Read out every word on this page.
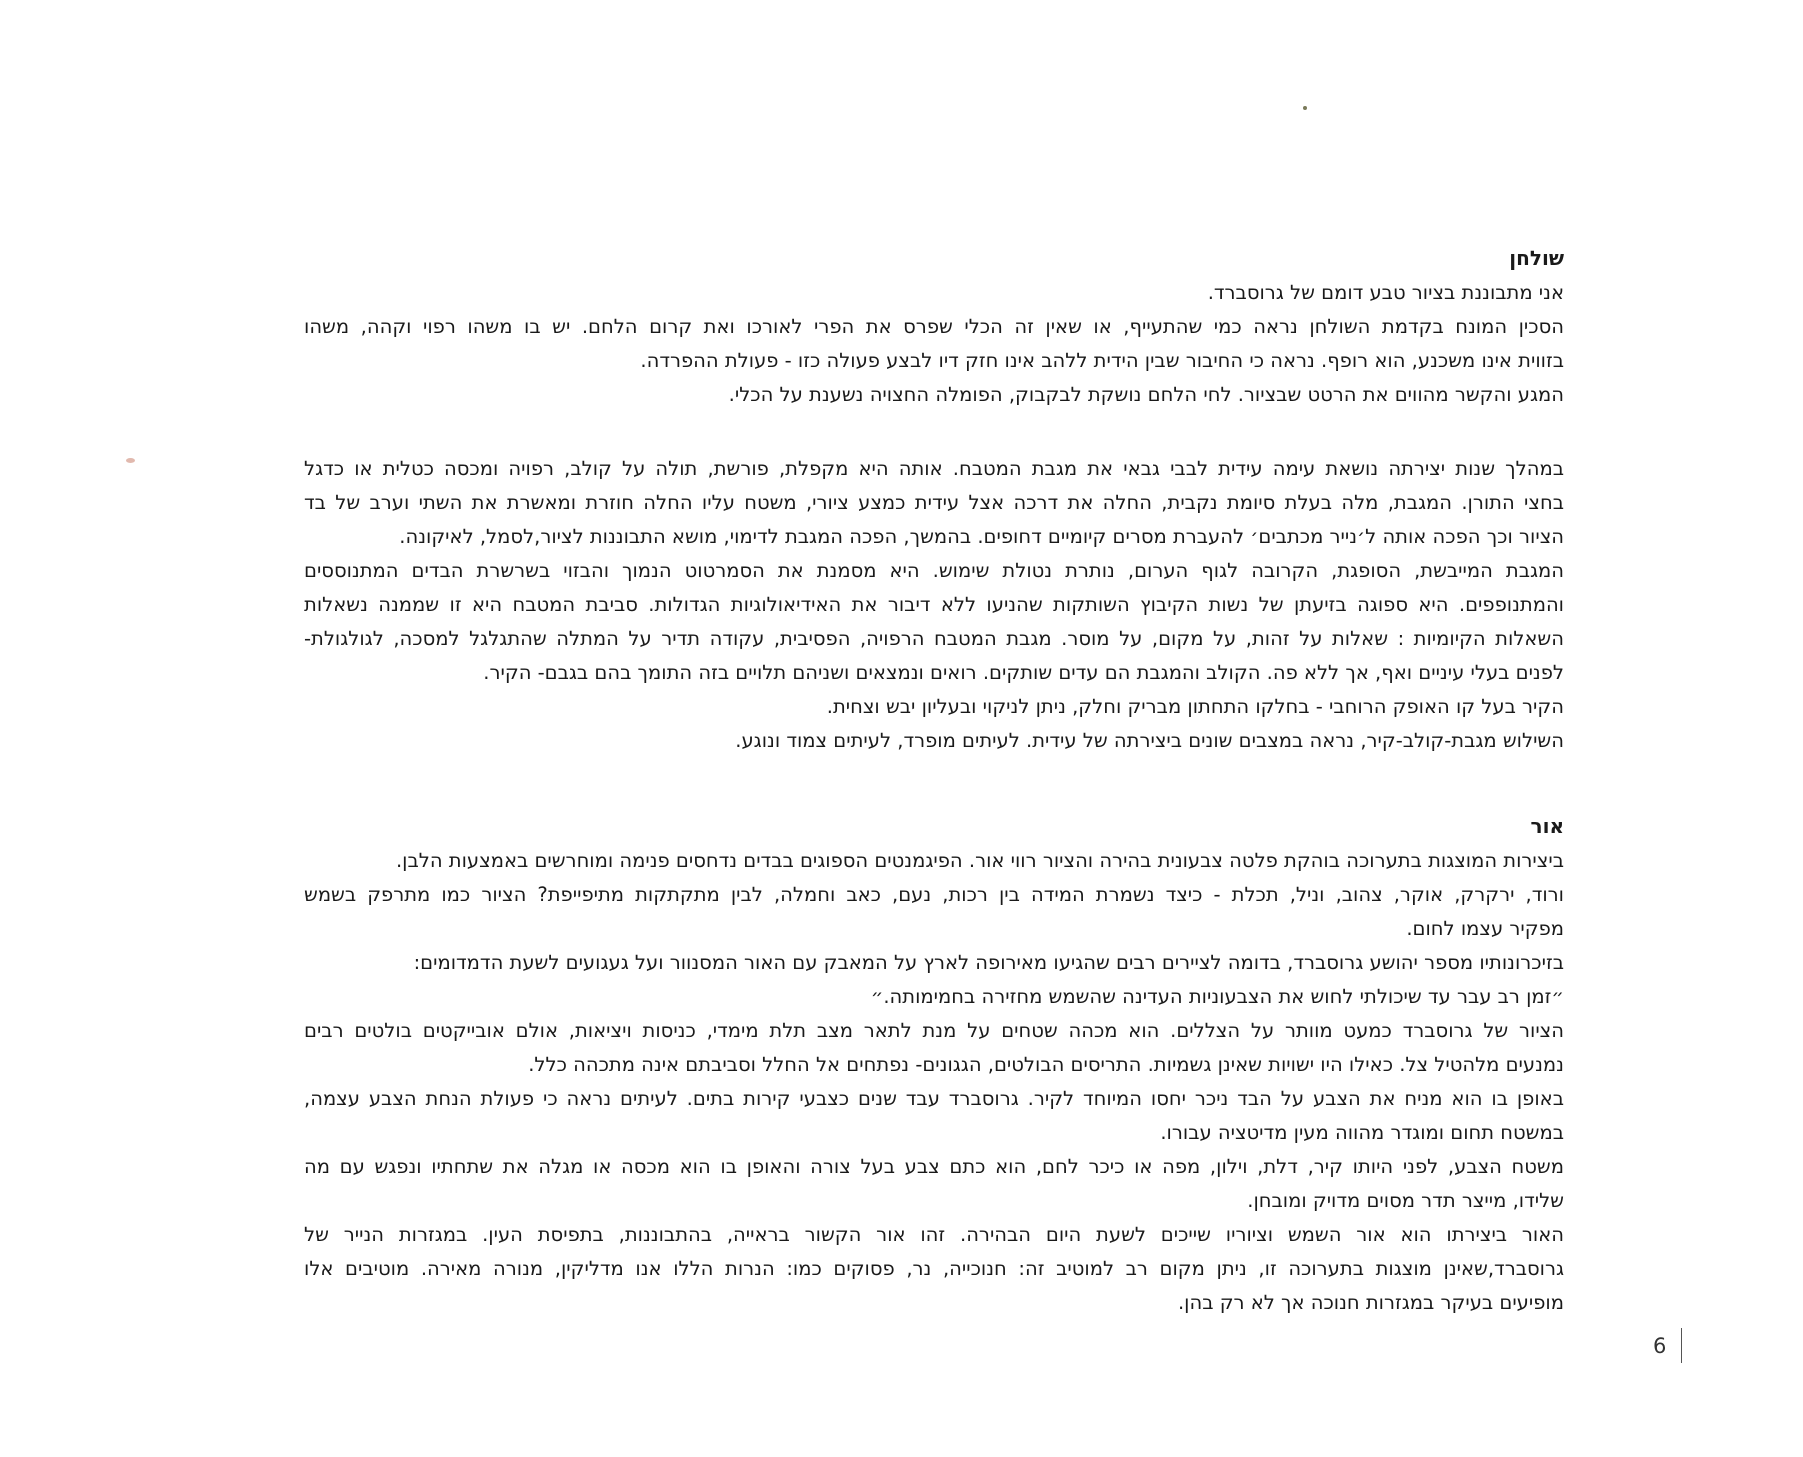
שולחן

אני מתבוננת בציור טבע דומם של גרוסברד.

הסכין המונח בקדמת השולחן נראה כמי שהתעייף, או שאין זה הכלי שפרס את הפרי לאורכו ואת קרום הלחם. יש בו משהו רפוי וקהה, משהו

בזווית אינו משכנע, הוא רופף. נראה כי החיבור שבין הידית ללהב אינו חזק דיו לבצע פעולה כזו - פעולת ההפרדה.

המגע והקשר מהווים את הרטט שבציור. לחי הלחם נושקת לבקבוק, הפומלה החצויה נשענת על הכלי.

במהלך שנות יצירתה נושאת עימה עידית לבבי גבאי את מגבת המטבח. אותה היא מקפלת, פורשת, תולה על קולב, רפויה ומכסה כטלית או כדגל

בחצי התורן. המגבת, מלה בעלת סיומת נקבית, החלה את דרכה אצל עידית כמצע ציורי, משטח עליו החלה חוזרת ומאשרת את השתי וערב של בד

הציור וכך הפכה אותה ל׳נייר מכתבים׳ להעברת מסרים קיומיים דחופים. בהמשך, הפכה המגבת לדימוי, מושא התבוננות לציור,לסמל, לאיקונה.

המגבת המייבשת, הסופגת, הקרובה לגוף הערום, נותרת נטולת שימוש. היא מסמנת את הסמרטוט הנמוך והבזוי בשרשרת הבדים המתנוססים

והמתנופפים. היא ספוגה בזיעתן של נשות הקיבוץ השותקות שהניעו ללא דיבור את האידיאולוגיות הגדולות. סביבת המטבח היא זו שממנה נשאלות

השאלות הקיומיות : שאלות על זהות, על מקום, על מוסר. מגבת המטבח הרפויה, הפסיבית, עקודה תדיר על המתלה שהתגלגל למסכה, לגולגולת-

לפנים בעלי עיניים ואף, אך ללא פה. הקולב והמגבת הם עדים שותקים. רואים ונמצאים ושניהם תלויים בזה התומך בהם בגבם- הקיר.

הקיר בעל קו האופק הרוחבי - בחלקו התחתון מבריק וחלק, ניתן לניקוי ובעליון יבש וצחית.

השילוש מגבת-קולב-קיר, נראה במצבים שונים ביצירתה של עידית. לעיתים מופרד, לעיתים צמוד ונוגע.

אור

ביצירות המוצגות בתערוכה בוהקת פלטה צבעונית בהירה והציור רווי אור. הפיגמנטים הספוגים בבדים נדחסים פנימה ומוחרשים באמצעות הלבן.

ורוד, ירקרק, אוקר, צהוב, וניל, תכלת - כיצד נשמרת המידה בין רכות, נעם, כאב וחמלה, לבין מתקתקות מתיפייפת? הציור כמו מתרפק בשמש

מפקיר עצמו לחום.

בזיכרונותיו מספר יהושע גרוסברד, בדומה לציירים רבים שהגיעו מאירופה לארץ על המאבק עם האור המסנוור ועל געגועים לשעת הדמדומים:

״זמן רב עבר עד שיכולתי לחוש את הצבעוניות העדינה שהשמש מחזירה בחמימותה.״

הציור של גרוסברד כמעט מוותר על הצללים. הוא מכהה שטחים על מנת לתאר מצב תלת מימדי, כניסות ויציאות, אולם אובייקטים בולטים רבים

נמנעים מלהטיל צל. כאילו היו ישויות שאינן גשמיות. התריסים הבולטים, הגגונים- נפתחים אל החלל וסביבתם אינה מתכהה כלל.

באופן בו הוא מניח את הצבע על הבד ניכר יחסו המיוחד לקיר. גרוסברד עבד שנים כצבעי קירות בתים. לעיתים נראה כי פעולת הנחת הצבע עצמה,

במשטח תחום ומוגדר מהווה מעין מדיטציה עבורו.

משטח הצבע, לפני היותו קיר, דלת, וילון, מפה או כיכר לחם, הוא כתם צבע בעל צורה והאופן בו הוא מכסה או מגלה את שתחתיו ונפגש עם מה

שלידו, מייצר תדר מסוים מדויק ומובחן.

האור ביצירתו הוא אור השמש וציוריו שייכים לשעת היום הבהירה. זהו אור הקשור בראייה, בהתבוננות, בתפיסת העין. במגזרות הנייר של

גרוסברד,שאינן מוצגות בתערוכה זו, ניתן מקום רב למוטיב זה: חנוכייה, נר, פסוקים כמו: הנרות הללו אנו מדליקין, מנורה מאירה. מוטיבים אלו

מופיעים בעיקר במגזרות חנוכה אך לא רק בהן.

6
